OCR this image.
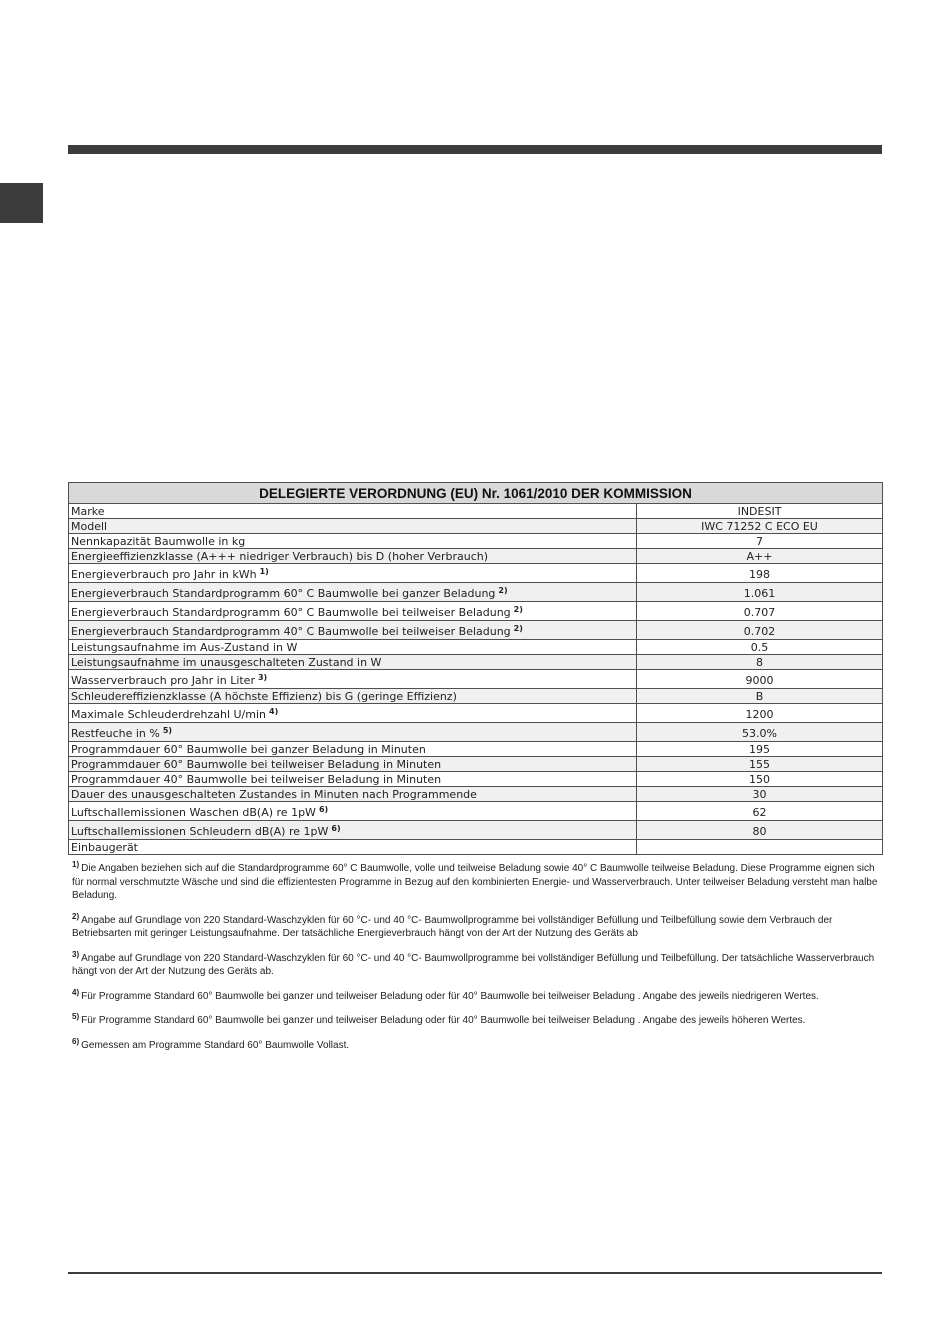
DELEGIERTE VERORDNUNG (EU) Nr. 1061/2010 DER KOMMISSION	
Marke	INDESIT
Modell	IWC 71252 C ECO EU
Nennkapazität Baumwolle in kg	7
Energieeffizienzklasse (A+++ niedriger Verbrauch) bis D (hoher Verbrauch)	A++
Energieverbrauch pro Jahr in kWh $^{1)}$	198
Energieverbrauch Standardprogramm 60° C Baumwolle bei ganzer Beladung $^{2)}$	1.061
Energieverbrauch Standardprogramm 60° C Baumwolle bei teilweiser Beladung $^{2)}$	0.707
Energieverbrauch Standardprogramm 40° C Baumwolle bei teilweiser Beladung $^{2)}$	0.702
Leistungsaufnahme im Aus-Zustand in W	0.5
Leistungsaufnahme im unausgeschalteten Zustand in W	8
Wasserverbrauch pro Jahr in Liter $^{3)}$	9000
Schleudereffizienzklasse (A höchste Effizienz) bis G (geringe Effizienz)	B
Maximale Schleuderdrehzahl U/min $^{4)}$	1200
Restfeuche in % $^{5)}$	53.0%
Programmdauer 60° Baumwolle bei ganzer Beladung in Minuten	195
Programmdauer 60° Baumwolle bei teilweiser Beladung in Minuten	155
Programmdauer 40° Baumwolle bei teilweiser Beladung in Minuten	150
Dauer des unausgeschalteten Zustandes in Minuten nach Programmende	30
Luftschallemissionen Waschen dB(A) re 1pW $^{6)}$	62
Luftschallemissionen Schleudern dB(A) re 1pW $^{6)}$	80
Einbaugerät	
$^{1)}$ Die Angaben beziehen sich auf die Standardprogramme 60° C Baumwolle, volle und teilweise Beladung sowie 40° C Baumwolle teilweise Beladung. Diese Programme eignen sich für normal verschmutzte Wäsche und sind die effizientesten Programme in Bezug auf den kombinierten Energie- und Wasserverbrauch. Unter teilweiser Beladung versteht man halbe Beladung.
$^{2)}$ Angabe auf Grundlage von 220 Standard-Waschzyklen für 60 °C- und 40 °C- Baumwollprogramme bei vollständiger Befüllung und Teilbefüllung sowie dem Verbrauch der Betriebsarten mit geringer Leistungsaufnahme. Der tatsächliche Energieverbrauch hängt von der Art der Nutzung des Geräts ab
$^{3)}$ Angabe auf Grundlage von 220 Standard-Waschzyklen für 60 °C- und 40 °C- Baumwollprogramme bei vollständiger Befüllung und Teilbefüllung. Der tatsächliche Wasserverbrauch hängt von der Art der Nutzung des Geräts ab.
$^{4)}$ Für Programme Standard 60° Baumwolle bei ganzer und teilweiser Beladung oder für 40° Baumwolle bei teilweiser Beladung . Angabe des jeweils niedrigeren Wertes.
$^{5)}$ Für Programme Standard 60° Baumwolle bei ganzer und teilweiser Beladung oder für 40° Baumwolle bei teilweiser Beladung . Angabe des jeweils höheren Wertes.
$^{6)}$ Gemessen am Programme Standard 60° Baumwolle Vollast.
